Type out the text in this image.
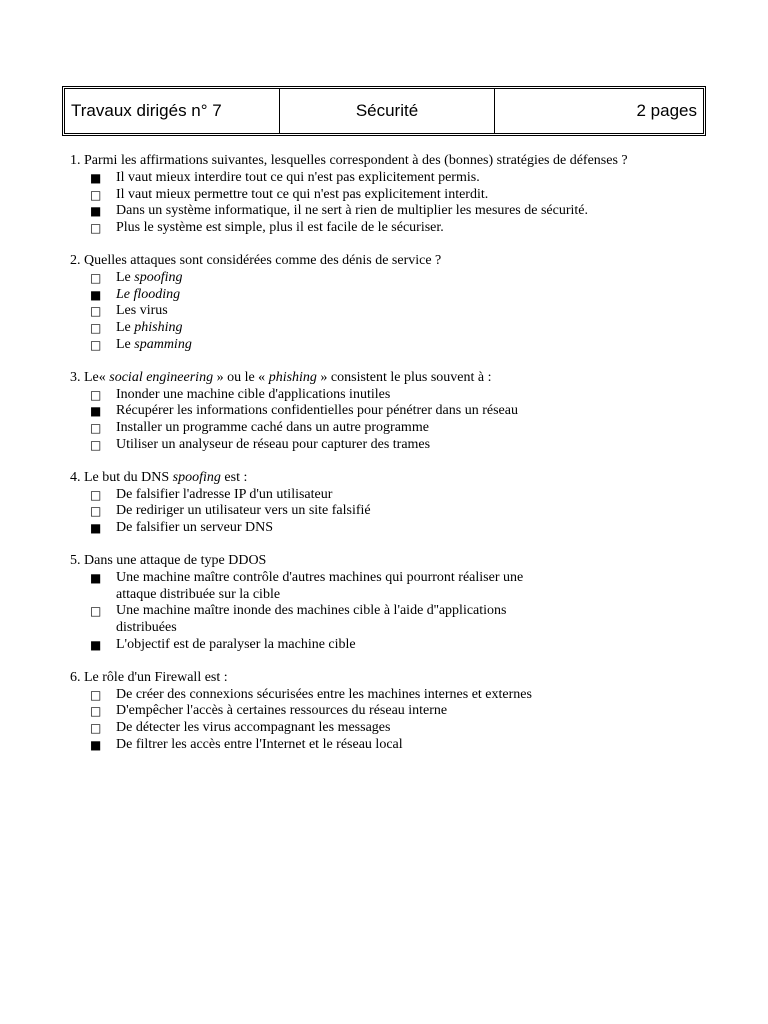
Travaux dirigés n° 7	Sécurité	2 pages

1. Parmi les affirmations suivantes, lesquelles correspondent à des (bonnes) stratégies de défenses ?

■	Il vaut mieux interdire tout ce qui n'est pas explicitement permis.
□	Il vaut mieux permettre tout ce qui n'est pas explicitement interdit.
■	Dans un système informatique, il ne sert à rien de multiplier les mesures de sécurité.
□	Plus le système est simple, plus il est facile de le sécuriser.

2. Quelles attaques sont considérées comme des dénis de service ?

□	Le spoofing
■	Le flooding
□	Les virus
□	Le phishing
□	Le spamming

3. Le« social engineering » ou le « phishing » consistent le plus souvent à :

□	Inonder une machine cible d'applications inutiles
■	Récupérer les informations confidentielles pour pénétrer dans un réseau
□	Installer un programme caché dans un autre programme
□	Utiliser un analyseur de réseau pour capturer des trames

4. Le but du DNS spoofing est :

□	De falsifier l'adresse IP d'un utilisateur
□	De rediriger un utilisateur vers un site falsifié
■	De falsifier un serveur DNS

5. Dans une attaque de type DDOS

■	Une machine maître contrôle d'autres machines qui pourront réaliser une attaque distribuée sur la cible
□	Une machine maître inonde des machines cible à l'aide d''applications distribuées
■	L'objectif est de paralyser la machine cible

6. Le rôle d'un Firewall est :

□	De créer des connexions sécurisées entre les machines internes et externes
□	D'empêcher l'accès à certaines ressources du réseau interne
□	De détecter les virus accompagnant les messages
■	De filtrer les accès entre l'Internet et le réseau local
